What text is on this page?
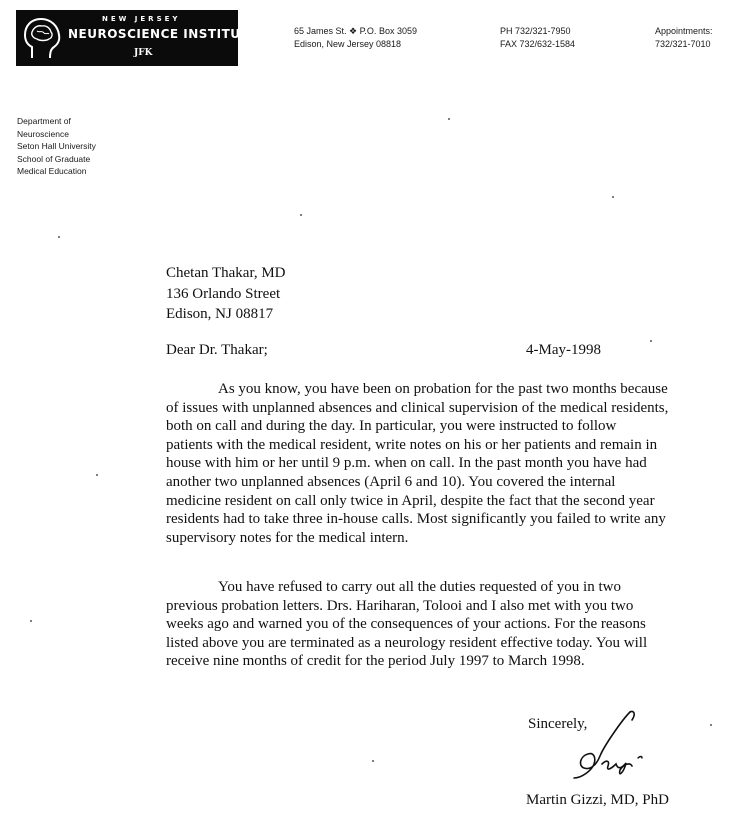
NEW JERSEY
NEUROSCIENCE INSTITUTE
JFK
65 James St. ❖ P.O. Box 3059
Edison, New Jersey 08818
PH 732/321-7950
FAX 732/632-1584
Appointments:
732/321-7010
Department of
Neuroscience
Seton Hall University
School of Graduate
Medical Education
Chetan Thakar, MD
136 Orlando Street
Edison, NJ 08817
Dear Dr. Thakar;	4-May-1998
As you know, you have been on probation for the past two months because
of issues with unplanned absences and clinical supervision of the medical residents,
both on call and during the day. In particular, you were instructed to follow
patients with the medical resident, write notes on his or her patients and remain in
house with him or her until 9 p.m. when on call. In the past month you have had
another two unplanned absences (April 6 and 10). You covered the internal
medicine resident on call only twice in April, despite the fact that the second year
residents had to take three in-house calls. Most significantly you failed to write any
supervisory notes for the medical intern.
You have refused to carry out all the duties requested of you in two
previous probation letters. Drs. Hariharan, Tolooi and I also met with you two
weeks ago and warned you of the consequences of your actions. For the reasons
listed above you are terminated as a neurology resident effective today. You will
receive nine months of credit for the period July 1997 to March 1998.
Sincerely,
Martin Gizzi, MD, PhD
